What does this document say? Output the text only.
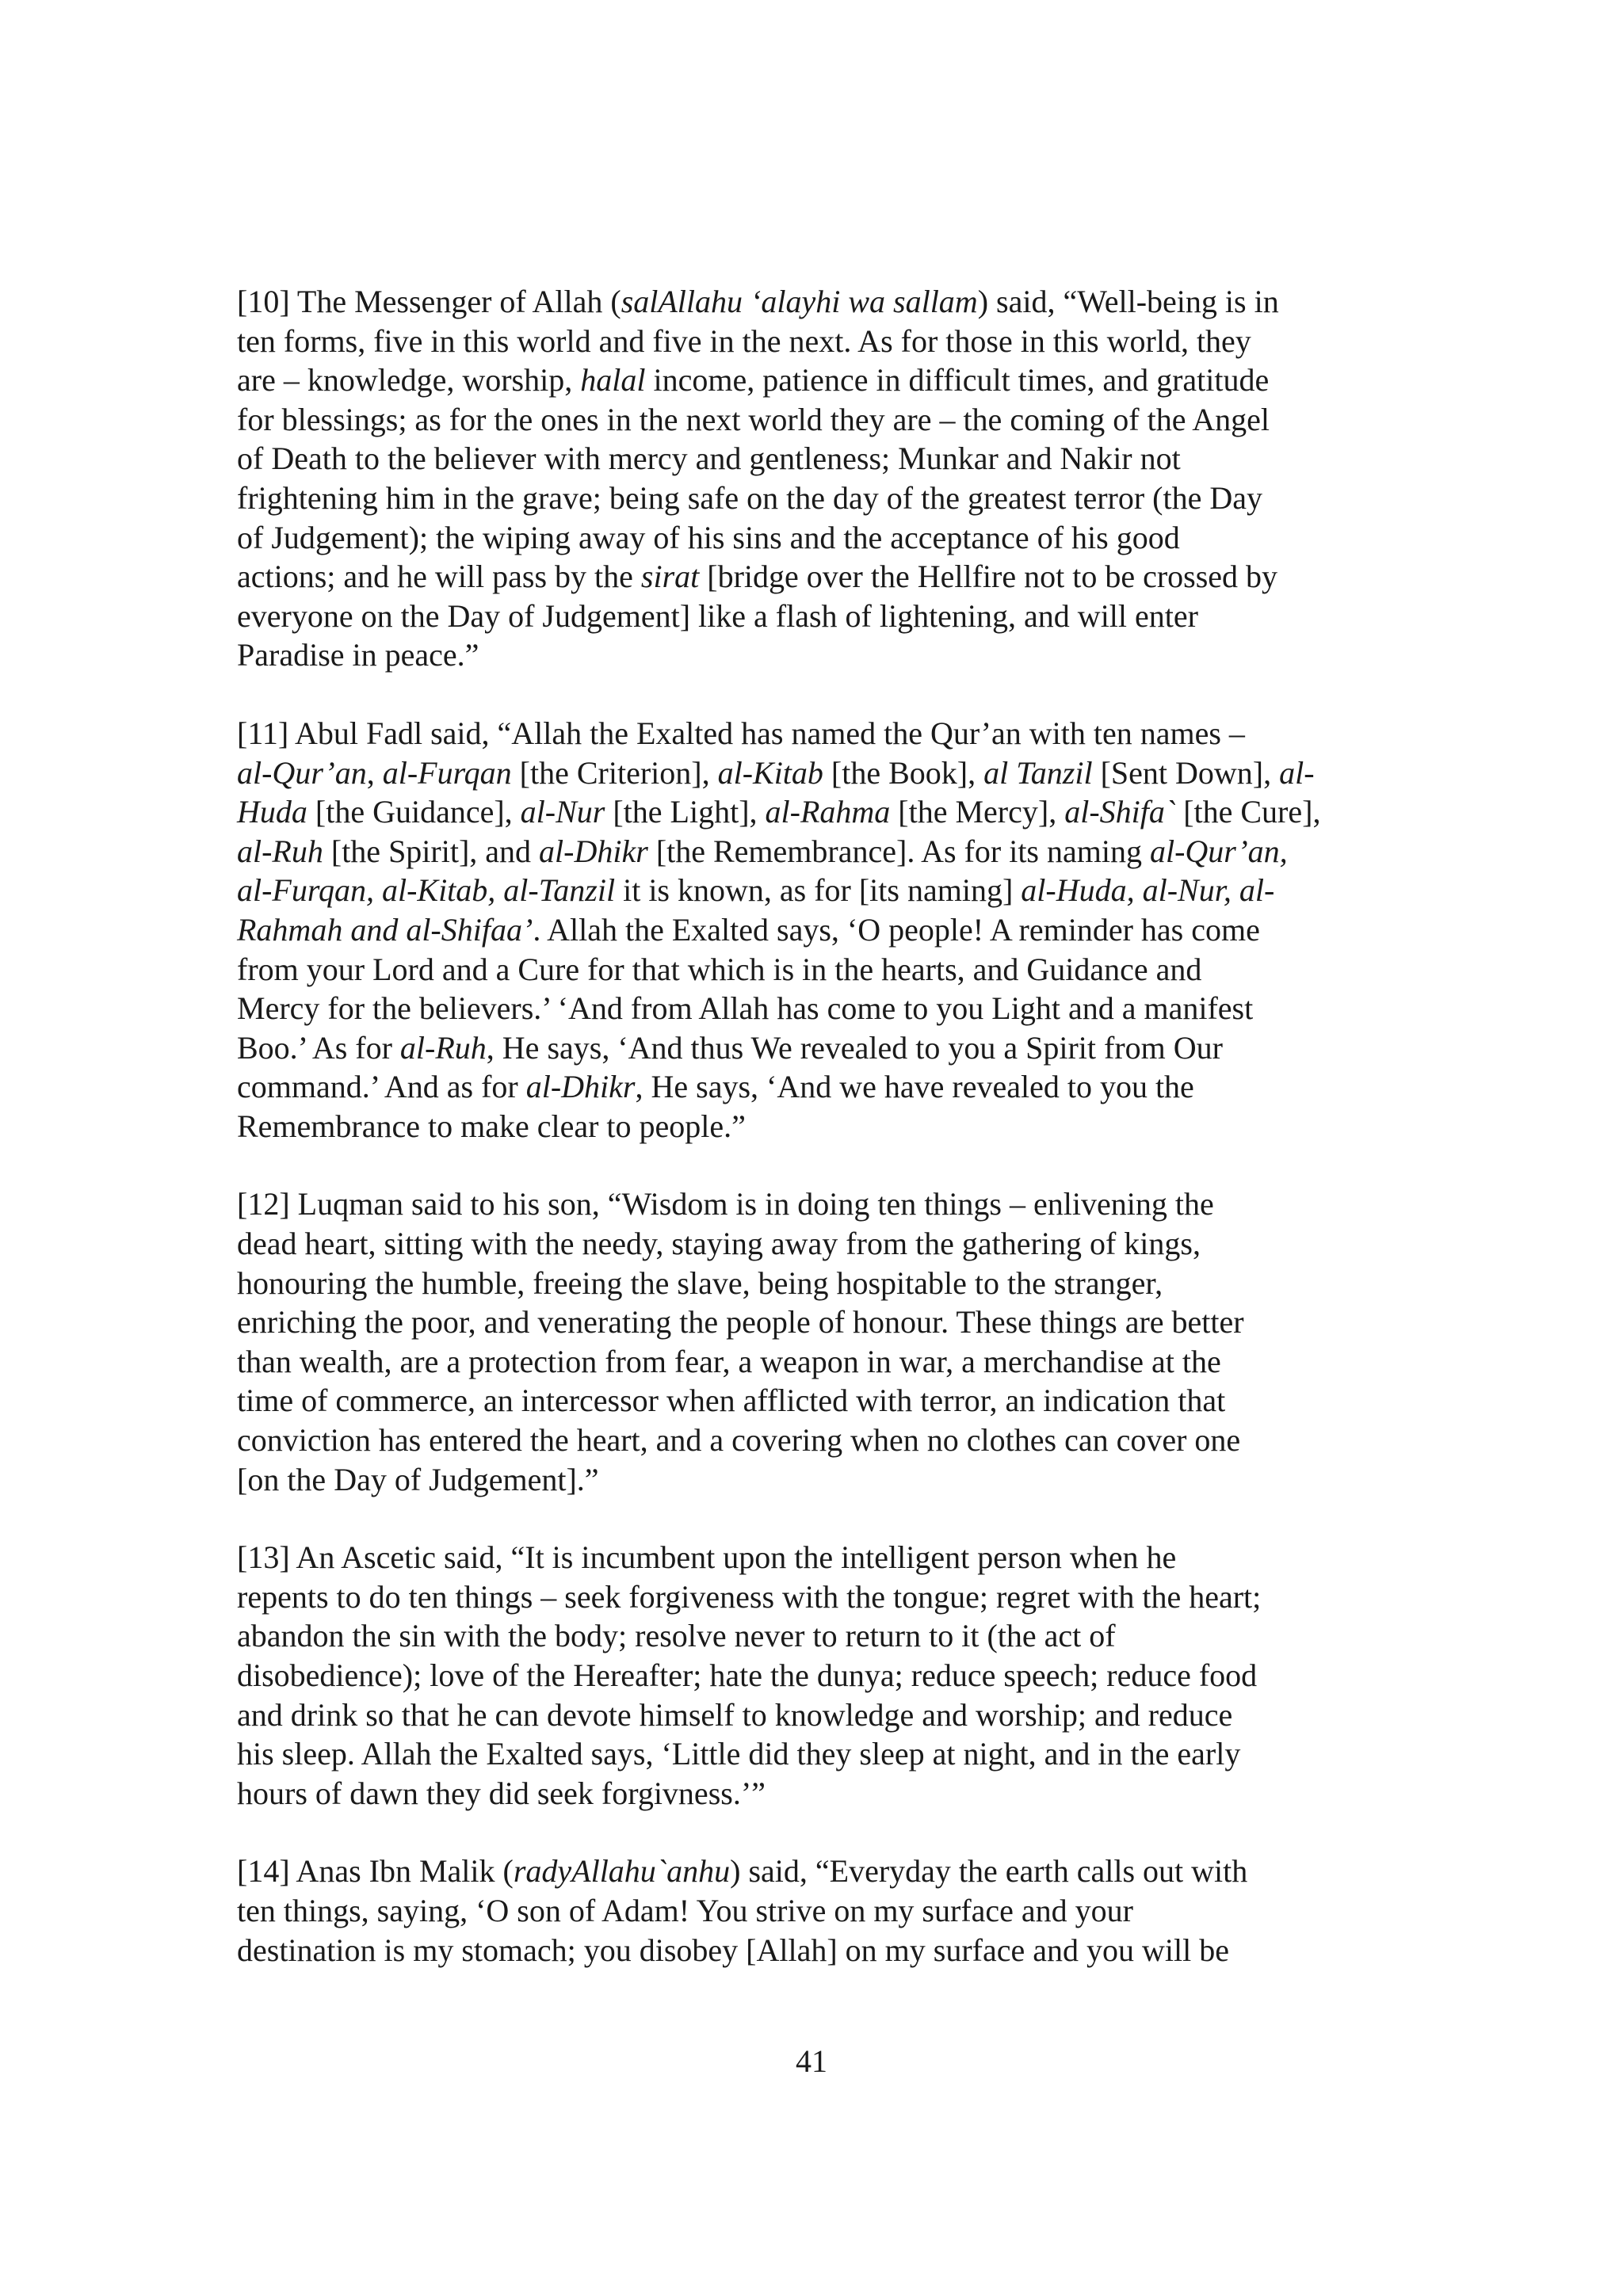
[10] The Messenger of Allah (salAllahu ‘alayhi wa sallam) said, “Well-being is in
ten forms, five in this world and five in the next. As for those in this world, they
are – knowledge, worship, halal income, patience in difficult times, and gratitude
for blessings; as for the ones in the next world they are – the coming of the Angel
of Death to the believer with mercy and gentleness; Munkar and Nakir not
frightening him in the grave; being safe on the day of the greatest terror (the Day
of Judgement); the wiping away of his sins and the acceptance of his good
actions; and he will pass by the sirat [bridge over the Hellfire not to be crossed by
everyone on the Day of Judgement] like a flash of lightening, and will enter
Paradise in peace.”
[11] Abul Fadl said, “Allah the Exalted has named the Qur’an with ten names –
al-Qur’an, al-Furqan [the Criterion], al-Kitab [the Book], al Tanzil [Sent Down], al-
Huda [the Guidance], al-Nur [the Light], al-Rahma [the Mercy], al-Shifa` [the Cure],
al-Ruh [the Spirit], and al-Dhikr [the Remembrance]. As for its naming al-Qur’an,
al-Furqan, al-Kitab, al-Tanzil it is known, as for [its naming] al-Huda, al-Nur, al-
Rahmah and al-Shifaa’. Allah the Exalted says, ‘O people! A reminder has come
from your Lord and a Cure for that which is in the hearts, and Guidance and
Mercy for the believers.’ ‘And from Allah has come to you Light and a manifest
Boo.’ As for al-Ruh, He says, ‘And thus We revealed to you a Spirit from Our
command.’ And as for al-Dhikr, He says, ‘And we have revealed to you the
Remembrance to make clear to people.”
[12] Luqman said to his son, “Wisdom is in doing ten things – enlivening the
dead heart, sitting with the needy, staying away from the gathering of kings,
honouring the humble, freeing the slave, being hospitable to the stranger,
enriching the poor, and venerating the people of honour. These things are better
than wealth, are a protection from fear, a weapon in war, a merchandise at the
time of commerce, an intercessor when afflicted with terror, an indication that
conviction has entered the heart, and a covering when no clothes can cover one
[on the Day of Judgement].”
[13] An Ascetic said, “It is incumbent upon the intelligent person when he
repents to do ten things – seek forgiveness with the tongue; regret with the heart;
abandon the sin with the body; resolve never to return to it (the act of
disobedience); love of the Hereafter; hate the dunya; reduce speech; reduce food
and drink so that he can devote himself to knowledge and worship; and reduce
his sleep. Allah the Exalted says, ‘Little did they sleep at night, and in the early
hours of dawn they did seek forgivness.’”
[14] Anas Ibn Malik (radyAllahu`anhu) said, “Everyday the earth calls out with
ten things, saying, ‘O son of Adam! You strive on my surface and your
destination is my stomach; you disobey [Allah] on my surface and you will be
41
